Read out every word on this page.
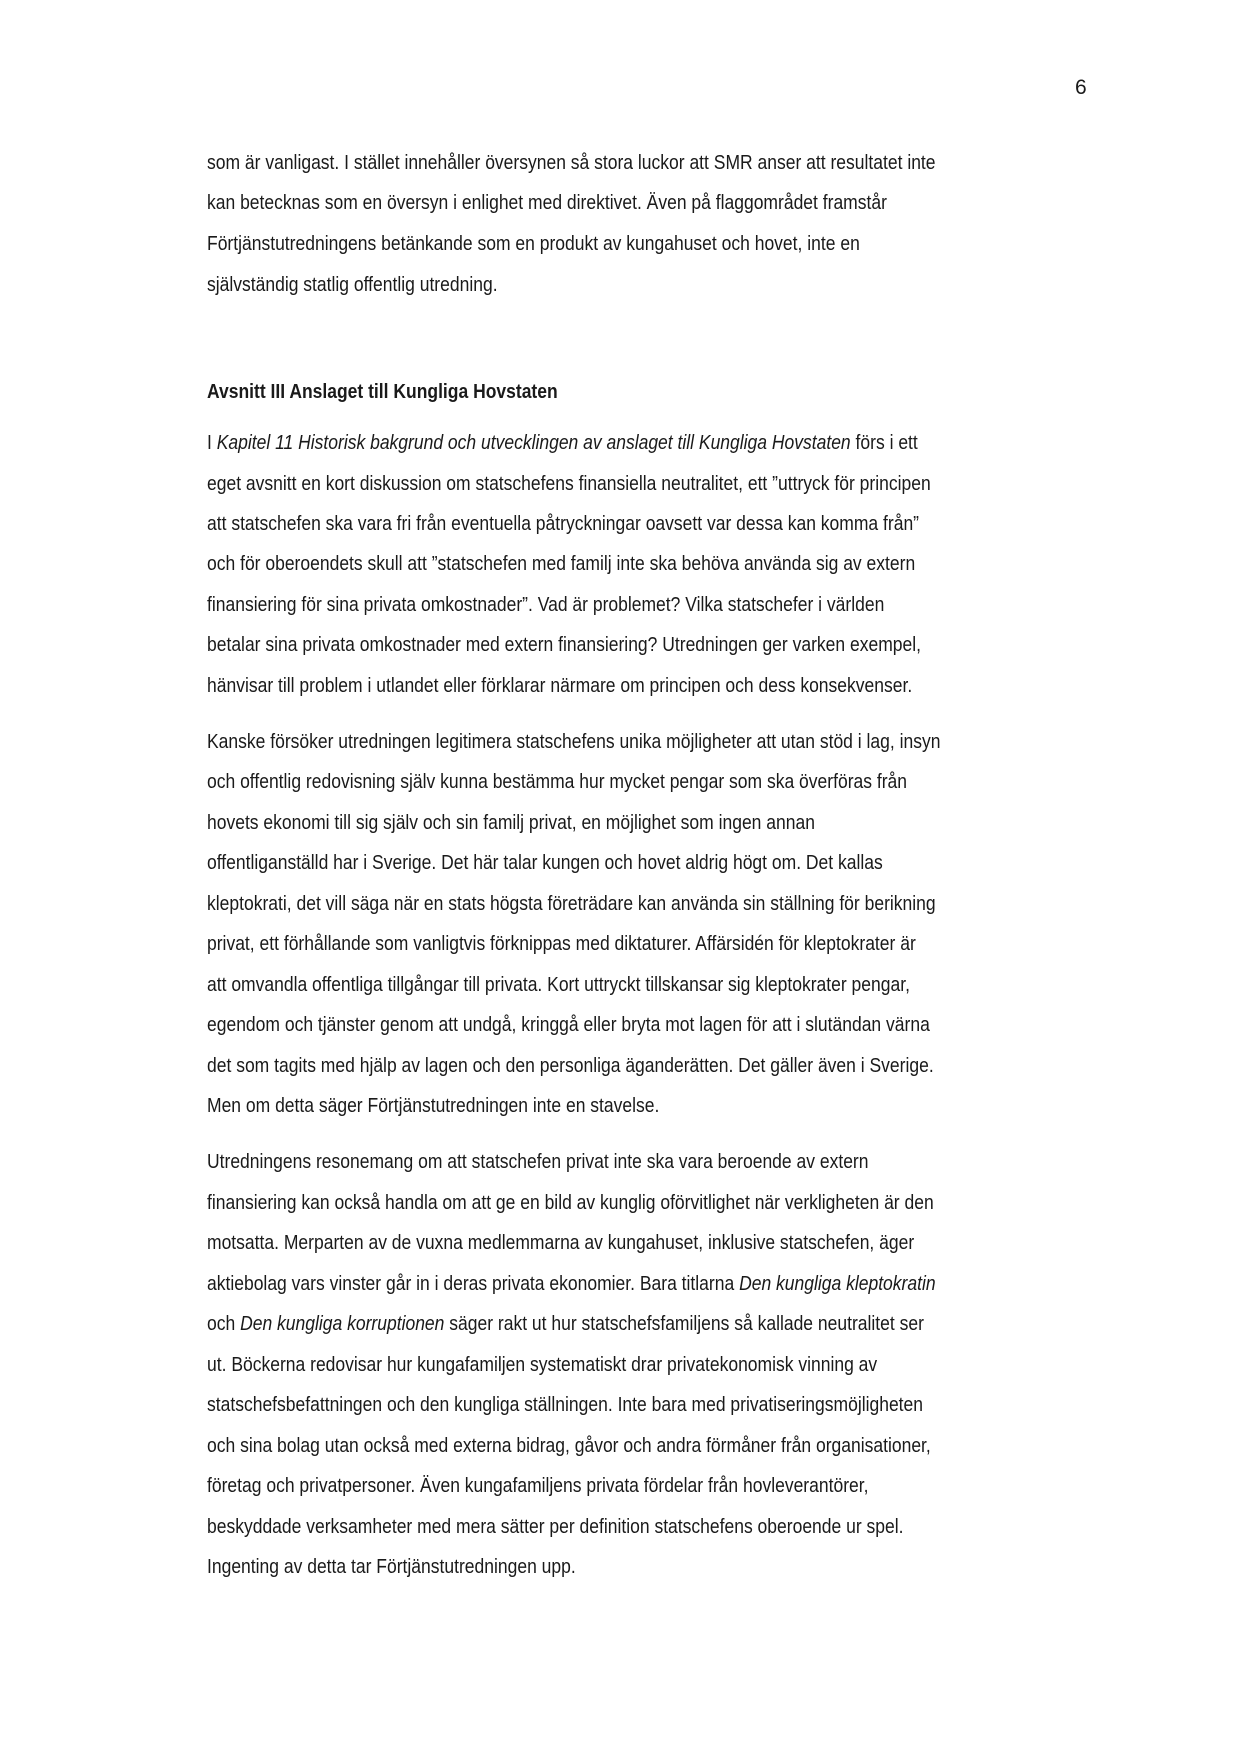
6
som är vanligast. I stället innehåller översynen så stora luckor att SMR anser att resultatet inte
kan betecknas som en översyn i enlighet med direktivet. Även på flaggområdet framstår
Förtjänstutredningens betänkande som en produkt av kungahuset och hovet, inte en
självständig statlig offentlig utredning.
Avsnitt III Anslaget till Kungliga Hovstaten
I Kapitel 11 Historisk bakgrund och utvecklingen av anslaget till Kungliga Hovstaten förs i ett
eget avsnitt en kort diskussion om statschefens finansiella neutralitet, ett ”uttryck för principen
att statschefen ska vara fri från eventuella påtryckningar oavsett var dessa kan komma från”
och för oberoendets skull att ”statschefen med familj inte ska behöva använda sig av extern
finansiering för sina privata omkostnader”. Vad är problemet? Vilka statschefer i världen
betalar sina privata omkostnader med extern finansiering? Utredningen ger varken exempel,
hänvisar till problem i utlandet eller förklarar närmare om principen och dess konsekvenser.
Kanske försöker utredningen legitimera statschefens unika möjligheter att utan stöd i lag, insyn
och offentlig redovisning själv kunna bestämma hur mycket pengar som ska överföras från
hovets ekonomi till sig själv och sin familj privat, en möjlighet som ingen annan
offentliganställd har i Sverige. Det här talar kungen och hovet aldrig högt om. Det kallas
kleptokrati, det vill säga när en stats högsta företrädare kan använda sin ställning för berikning
privat, ett förhållande som vanligtvis förknippas med diktaturer. Affärsidén för kleptokrater är
att omvandla offentliga tillgångar till privata. Kort uttryckt tillskansar sig kleptokrater pengar,
egendom och tjänster genom att undgå, kringgå eller bryta mot lagen för att i slutändan värna
det som tagits med hjälp av lagen och den personliga äganderätten. Det gäller även i Sverige.
Men om detta säger Förtjänstutredningen inte en stavelse.
Utredningens resonemang om att statschefen privat inte ska vara beroende av extern
finansiering kan också handla om att ge en bild av kunglig oförvitlighet när verkligheten är den
motsatta. Merparten av de vuxna medlemmarna av kungahuset, inklusive statschefen, äger
aktiebolag vars vinster går in i deras privata ekonomier. Bara titlarna Den kungliga kleptokratin
och Den kungliga korruptionen säger rakt ut hur statschefsfamiljens så kallade neutralitet ser
ut. Böckerna redovisar hur kungafamiljen systematiskt drar privatekonomisk vinning av
statschefsbefattningen och den kungliga ställningen. Inte bara med privatiseringsmöjligheten
och sina bolag utan också med externa bidrag, gåvor och andra förmåner från organisationer,
företag och privatpersoner. Även kungafamiljens privata fördelar från hovleverantörer,
beskyddade verksamheter med mera sätter per definition statschefens oberoende ur spel.
Ingenting av detta tar Förtjänstutredningen upp.
